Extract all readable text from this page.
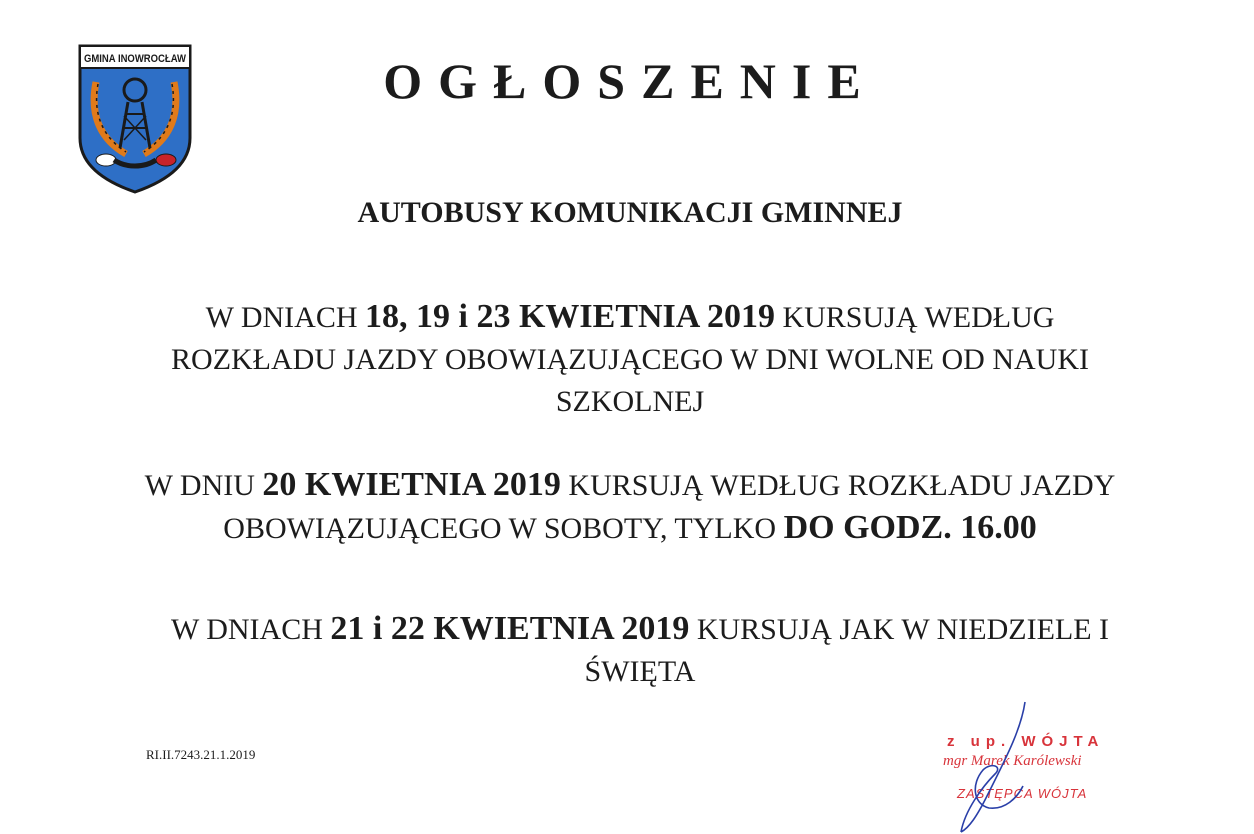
GMINA INOWROCŁAW	OGŁOSZENIE
AUTOBUSY KOMUNIKACJI GMINNEJ

W DNIACH 18, 19 i 23 KWIETNIA 2019 KURSUJĄ WEDŁUG ROZKŁADU JAZDY OBOWIĄZUJĄCEGO W DNI WOLNE OD NAUKI SZKOLNEJ

W DNIU 20 KWIETNIA 2019 KURSUJĄ WEDŁUG ROZKŁADU JAZDY OBOWIĄZUJĄCEGO W SOBOTY, TYLKO DO GODZ. 16.00

W DNIACH 21 i 22 KWIETNIA 2019 KURSUJĄ JAK W NIEDZIELE I ŚWIĘTA

RI.II.7243.21.1.2019

z up. WÓJTA
mgr Marek Karólewski
ZASTĘPCA WÓJTA
